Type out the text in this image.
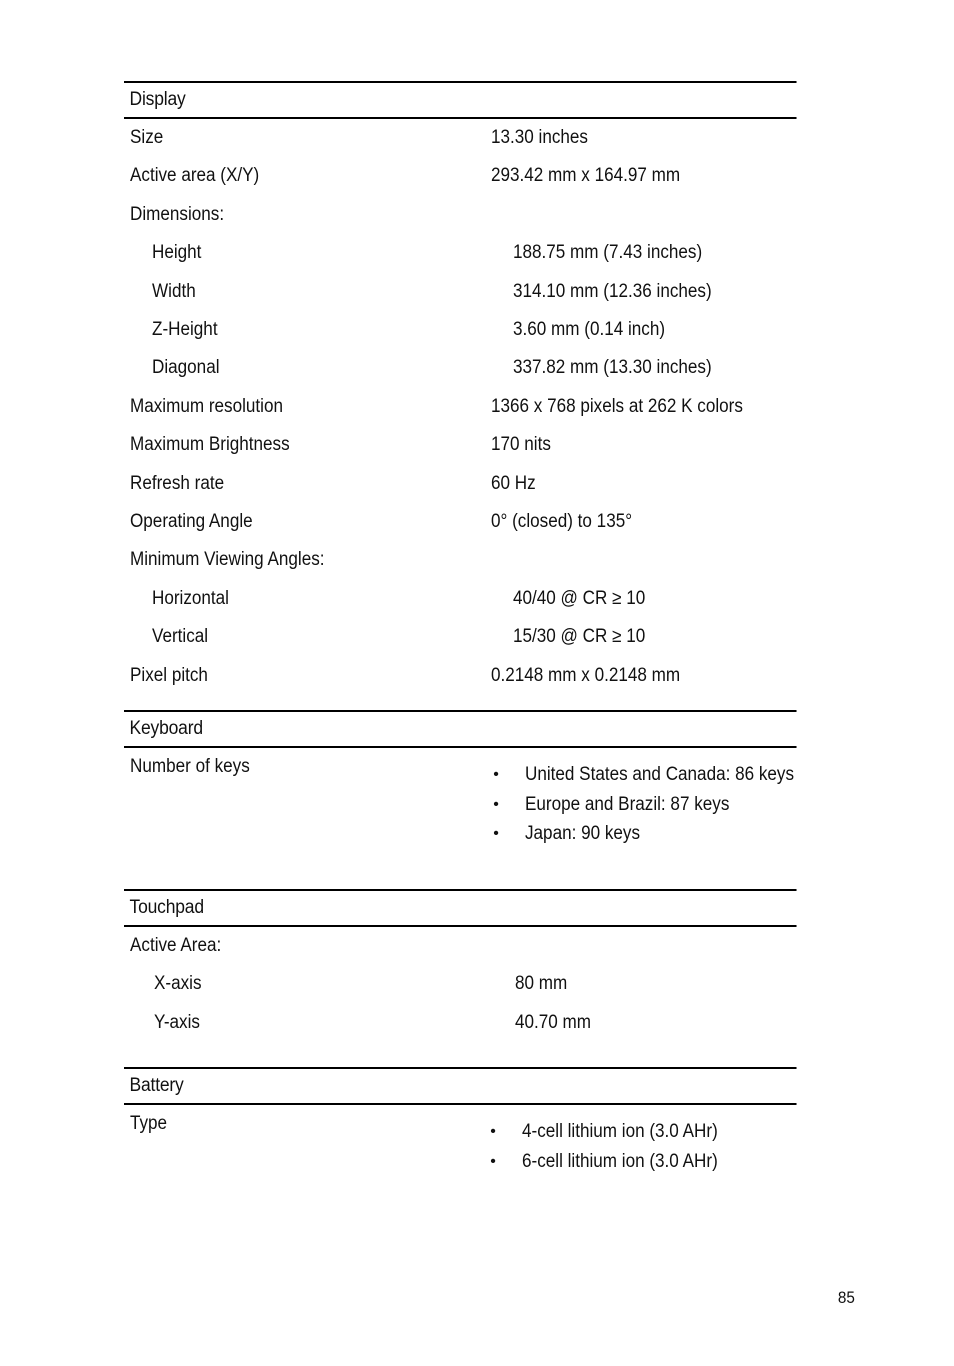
Display
Size	13.30 inches
Active area (X/Y)	293.42 mm x 164.97 mm
Dimensions:
Height	188.75 mm (7.43 inches)
Width	314.10 mm (12.36 inches)
Z-Height	3.60 mm (0.14 inch)
Diagonal	337.82 mm (13.30 inches)
Maximum resolution	1366 x 768 pixels at 262 K colors
Maximum Brightness	170 nits
Refresh rate	60 Hz
Operating Angle	0° (closed) to 135°
Minimum Viewing Angles:
Horizontal	40/40 @ CR ≥ 10
Vertical	15/30 @ CR ≥ 10
Pixel pitch	0.2148 mm x 0.2148 mm
Keyboard
Number of keys	• United States and Canada: 86 keys
• Europe and Brazil: 87 keys
• Japan: 90 keys
Touchpad
Active Area:
X-axis	80 mm
Y-axis	40.70 mm
Battery
Type	• 4-cell lithium ion (3.0 AHr)
• 6-cell lithium ion (3.0 AHr)
85
